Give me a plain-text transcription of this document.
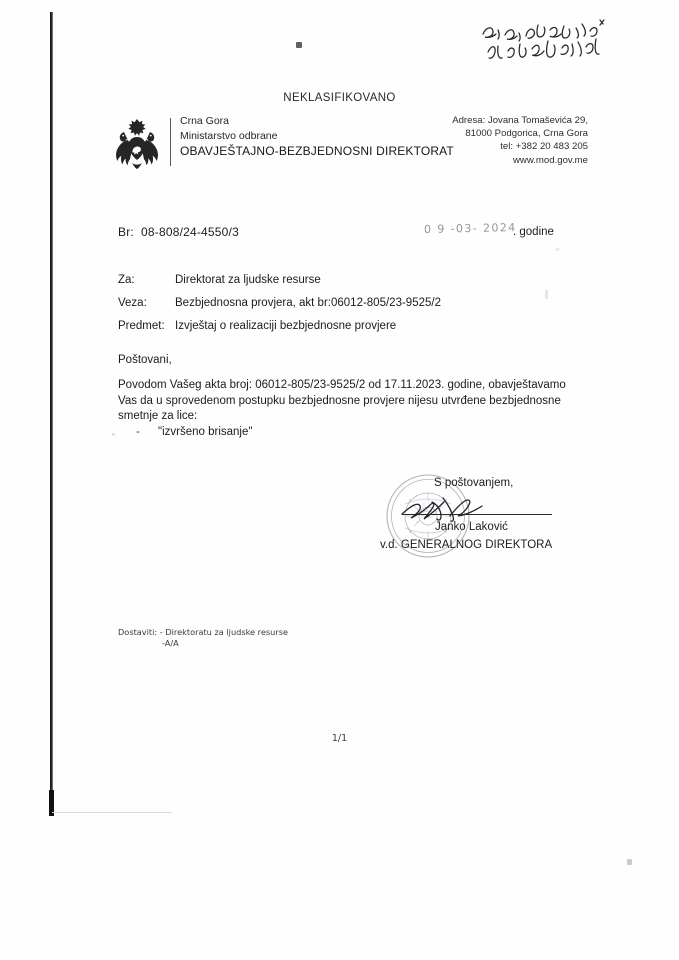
NEKLASIFIKOVANO
Crna Gora
Ministarstvo odbrane
OBAVJEŠTAJNO-BEZBJEDNOSNI DIREKTORAT
Adresa: Jovana Tomaševića 29,
81000 Podgorica, Crna Gora
tel: +382 20 483 205
www.mod.gov.me
Br: 08-808/24-4550/3	0 9 -03- 2024
. godine
Za:	Direktorat za ljudske resurse
Veza:	Bezbjednosna provjera, akt br:06012-805/23-9525/2
Predmet: Izvještaj o realizaciji bezbjednosne provjere
Poštovani,
Povodom Vašeg akta broj: 06012-805/23-9525/2 od 17.11.2023. godine, obavještavamo Vas da u sprovedenom postupku bezbjednosne provjere nijesu utvrđene bezbjednosne smetnje za lice:
- "izvršeno brisanje"
S poštovanjem,
Janko Laković
v.d. GENERALNOG DIREKTORA
Dostaviti: - Direktoratu za ljudske resurse
-A/A
1/1
